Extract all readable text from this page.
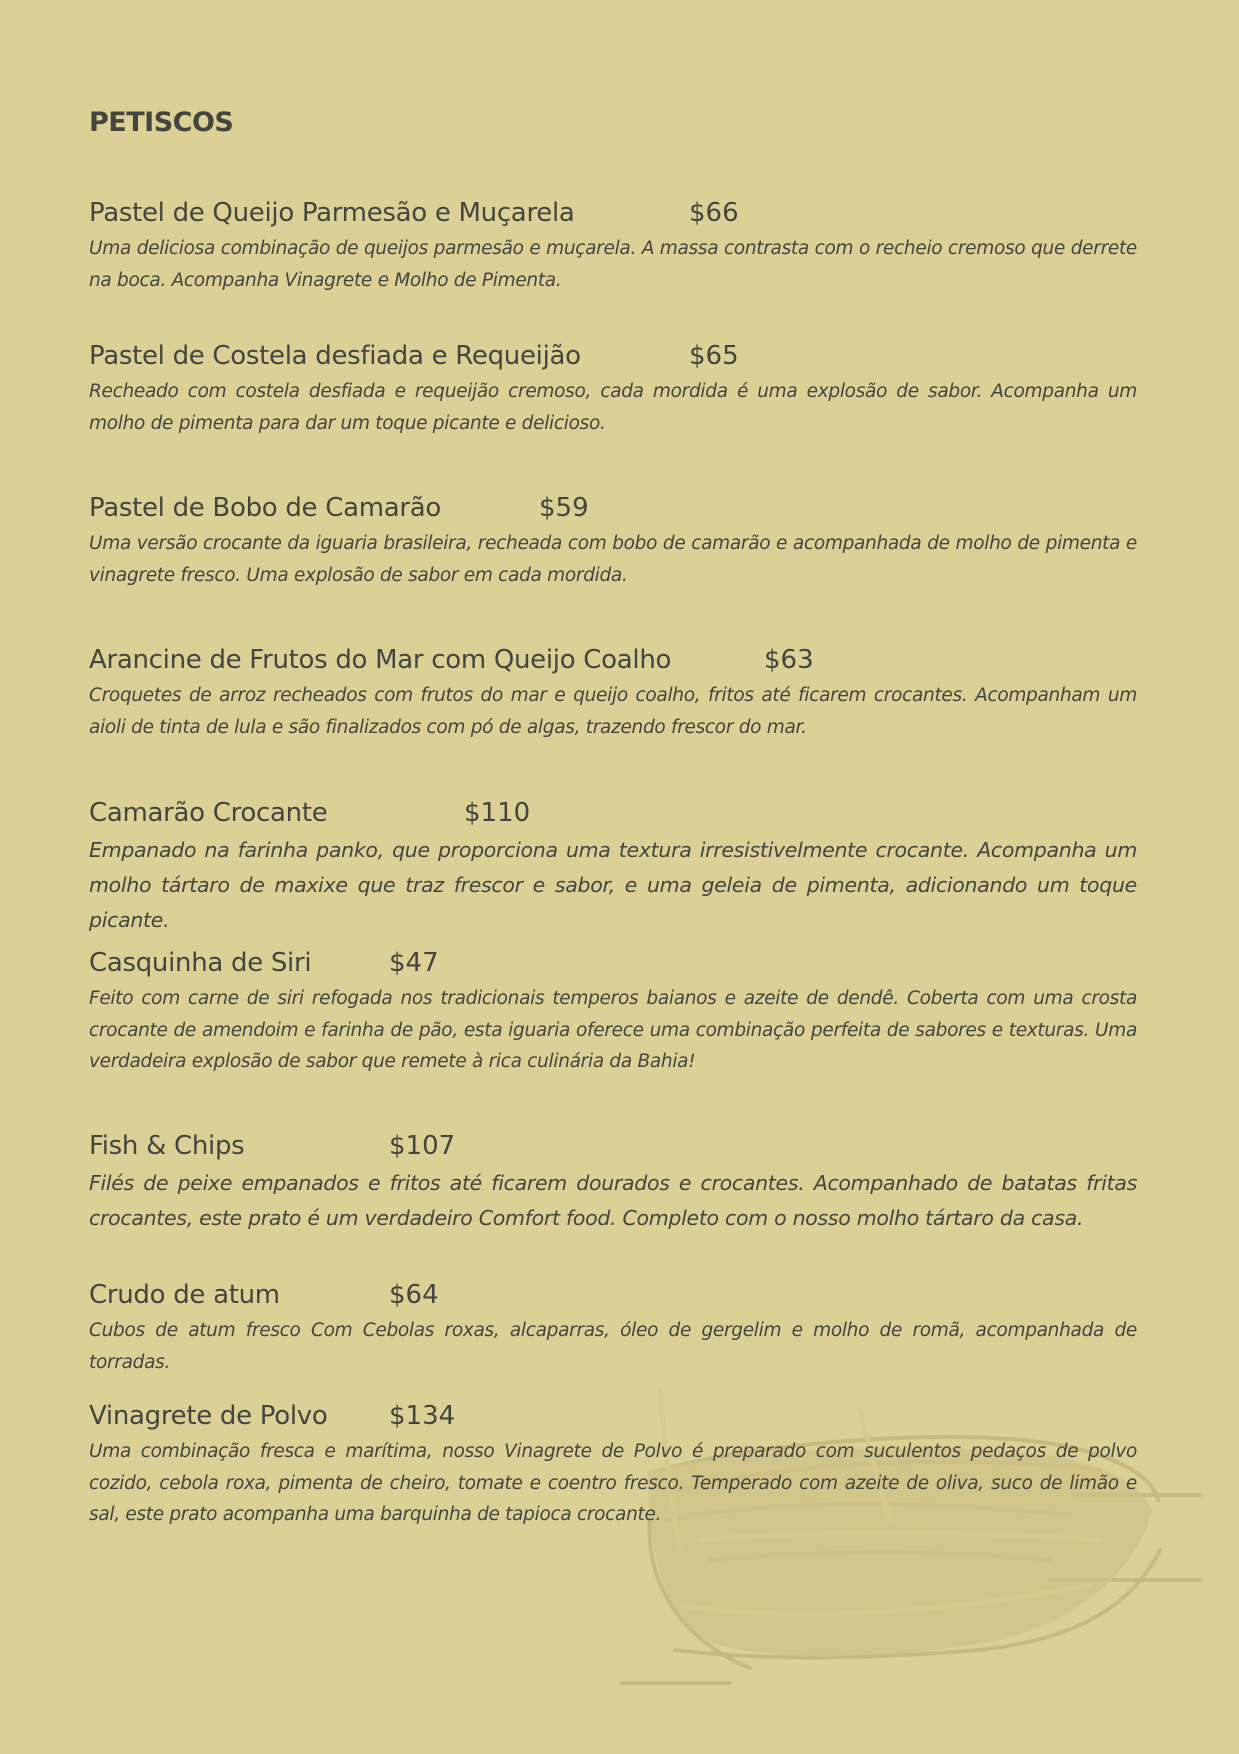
PETISCOS
Pastel de Queijo Parmesão e Muçarela	$66

Uma deliciosa combinação de queijos parmesão e muçarela. A massa contrasta com o recheio cremoso que derrete na boca. Acompanha Vinagrete e Molho de Pimenta.

Pastel de Costela desfiada e Requeijão	$65

Recheado com costela desfiada e requeijão cremoso, cada mordida é uma explosão de sabor. Acompanha um molho de pimenta para dar um toque picante e delicioso.

Pastel de Bobo de Camarão	$59

Uma versão crocante da iguaria brasileira, recheada com bobo de camarão e acompanhada de molho de pimenta e vinagrete fresco. Uma explosão de sabor em cada mordida.

Arancine de Frutos do Mar com Queijo Coalho	$63

Croquetes de arroz recheados com frutos do mar e queijo coalho, fritos até ficarem crocantes. Acompanham um aioli de tinta de lula e são finalizados com pó de algas, trazendo frescor do mar.

Camarão Crocante	$110

Empanado na farinha panko, que proporciona uma textura irresistivelmente crocante. Acompanha um molho tártaro de maxixe que traz frescor e sabor, e uma geleia de pimenta, adicionando um toque picante.

Casquinha de Siri	$47

Feito com carne de siri refogada nos tradicionais temperos baianos e azeite de dendê. Coberta com uma crosta crocante de amendoim e farinha de pão, esta iguaria oferece uma combinação perfeita de sabores e texturas. Uma verdadeira explosão de sabor que remete à rica culinária da Bahia!

Fish & Chips	$107

Filés de peixe empanados e fritos até ficarem dourados e crocantes. Acompanhado de batatas fritas crocantes, este prato é um verdadeiro Comfort food. Completo com o nosso molho tártaro da casa.

Crudo de atum	$64

Cubos de atum fresco Com Cebolas roxas, alcaparras, óleo de gergelim e molho de romã, acompanhada de torradas.

Vinagrete de Polvo $134

Uma combinação fresca e marítima, nosso Vinagrete de Polvo é preparado com suculentos pedaços de polvo cozido, cebola roxa, pimenta de cheiro, tomate e coentro fresco. Temperado com azeite de oliva, suco de limão e sal, este prato acompanha uma barquinha de tapioca crocante.
